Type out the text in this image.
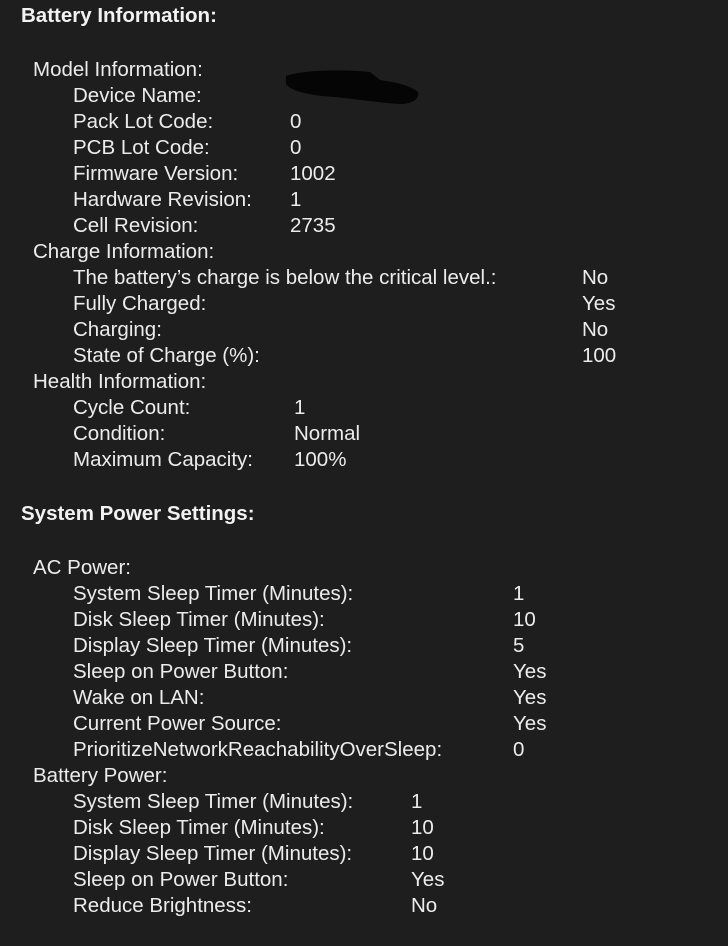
Battery Information:
Model Information:
Device Name:
Pack Lot Code:	0
PCB Lot Code:	0
Firmware Version:	1002
Hardware Revision: 1
Cell Revision:	2735
Charge Information:
The battery’s charge is below the critical level.:	No
Fully Charged:	Yes
Charging:	No
State of Charge (%):	100
Health Information:
Cycle Count:	1
Condition:	Normal
Maximum Capacity: 100%
System Power Settings:
AC Power:
System Sleep Timer (Minutes):	1
Disk Sleep Timer (Minutes):	10
Display Sleep Timer (Minutes):	5
Sleep on Power Button:	Yes
Wake on LAN:	Yes
Current Power Source:	Yes
PrioritizeNetworkReachabilityOverSleep:	0
Battery Power:
System Sleep Timer (Minutes):	1
Disk Sleep Timer (Minutes):	10
Display Sleep Timer (Minutes):	10
Sleep on Power Button:	Yes
Reduce Brightness:	No
